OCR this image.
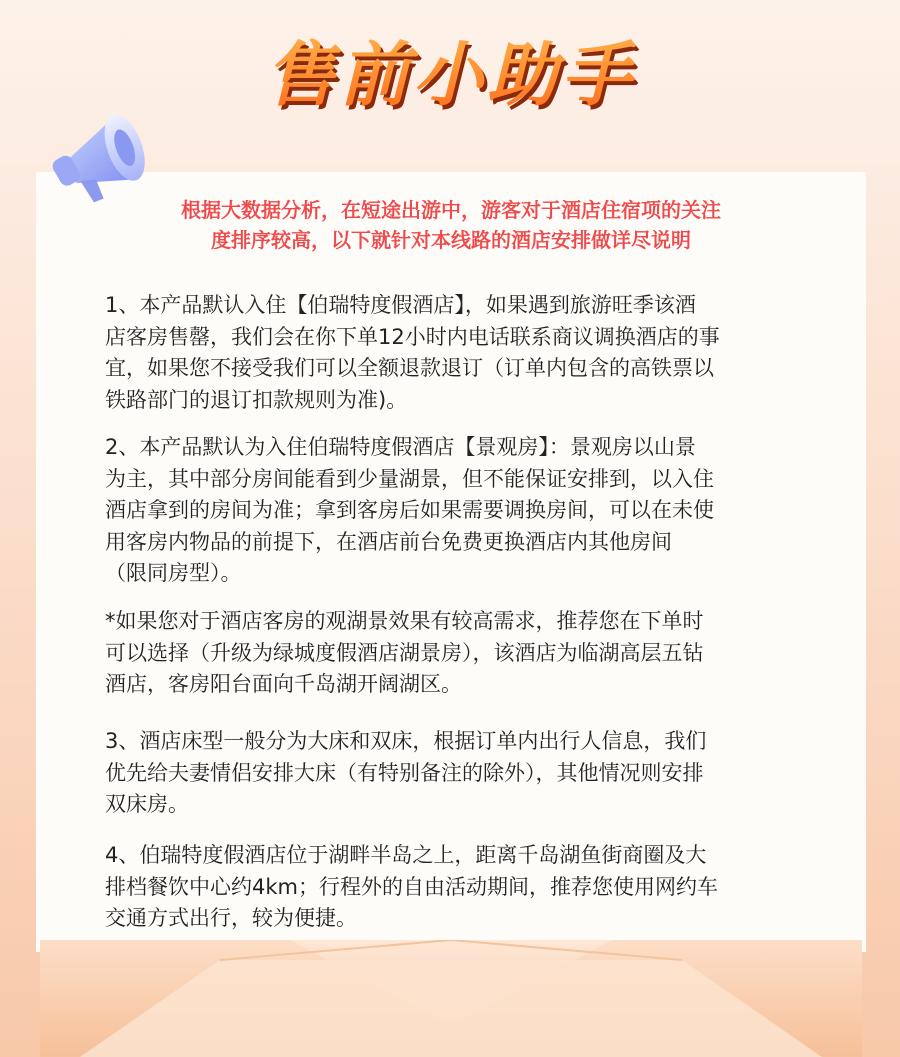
售前小助手
根据大数据分析，在短途出游中，游客对于酒店住宿项的关注
度排序较高，以下就针对本线路的酒店安排做详尽说明
1、本产品默认入住【伯瑞特度假酒店】，如果遇到旅游旺季该酒
店客房售罄，我们会在你下单12小时内电话联系商议调换酒店的事
宜，如果您不接受我们可以全额退款退订（订单内包含的高铁票以
铁路部门的退订扣款规则为准)。
2、本产品默认为入住伯瑞特度假酒店【景观房】：景观房以山景
为主，其中部分房间能看到少量湖景，但不能保证安排到，以入住
酒店拿到的房间为准；拿到客房后如果需要调换房间，可以在未使
用客房内物品的前提下，在酒店前台免费更换酒店内其他房间
（限同房型）。
*如果您对于酒店客房的观湖景效果有较高需求，推荐您在下单时
可以选择（升级为绿城度假酒店湖景房），该酒店为临湖高层五钻
酒店，客房阳台面向千岛湖开阔湖区。
3、酒店床型一般分为大床和双床，根据订单内出行人信息，我们
优先给夫妻情侣安排大床（有特别备注的除外），其他情况则安排
双床房。
4、伯瑞特度假酒店位于湖畔半岛之上，距离千岛湖鱼街商圈及大
排档餐饮中心约4km；行程外的自由活动期间，推荐您使用网约车
交通方式出行，较为便捷。
